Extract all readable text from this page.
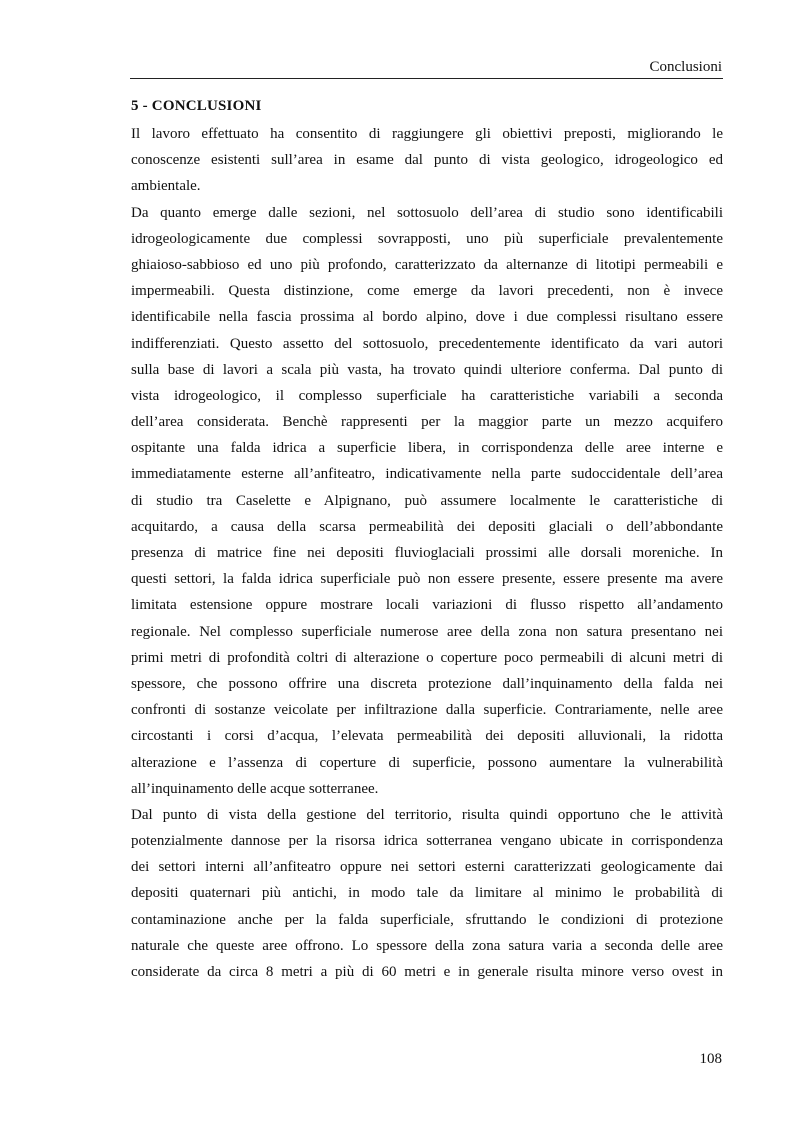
Conclusioni
5 - CONCLUSIONI
Il lavoro effettuato ha consentito di raggiungere gli obiettivi preposti, migliorando le
conoscenze esistenti sull’area in esame dal punto di vista geologico, idrogeologico ed
ambientale.
Da quanto emerge dalle sezioni, nel sottosuolo dell’area di studio sono identificabili
idrogeologicamente due complessi sovrapposti, uno più superficiale prevalentemente
ghiaioso-sabbioso ed uno più profondo, caratterizzato da alternanze di litotipi permeabili e
impermeabili. Questa distinzione, come emerge da lavori precedenti, non è invece
identificabile nella fascia prossima al bordo alpino, dove i due complessi risultano essere
indifferenziati. Questo assetto del sottosuolo, precedentemente identificato da vari autori
sulla base di lavori a scala più vasta, ha trovato quindi ulteriore conferma. Dal punto di
vista idrogeologico, il complesso superficiale ha caratteristiche variabili a seconda
dell’area considerata. Benchè rappresenti per la maggior parte un mezzo acquifero
ospitante una falda idrica a superficie libera, in corrispondenza delle aree interne e
immediatamente esterne all’anfiteatro, indicativamente nella parte sudoccidentale dell’area
di studio tra Caselette e Alpignano, può assumere localmente le caratteristiche di
acquitardo, a causa della scarsa permeabilità dei depositi glaciali o dell’abbondante
presenza di matrice fine nei depositi fluvioglaciali prossimi alle dorsali moreniche. In
questi settori, la falda idrica superficiale può non essere presente, essere presente ma avere
limitata estensione oppure mostrare locali variazioni di flusso rispetto all’andamento
regionale. Nel complesso superficiale numerose aree della zona non satura presentano nei
primi metri di profondità coltri di alterazione o coperture poco permeabili di alcuni metri di
spessore, che possono offrire una discreta protezione dall’inquinamento della falda nei
confronti di sostanze veicolate per infiltrazione dalla superficie. Contrariamente, nelle aree
circostanti i corsi d’acqua, l’elevata permeabilità dei depositi alluvionali, la ridotta
alterazione e l’assenza di coperture di superficie, possono aumentare la vulnerabilità
all’inquinamento delle acque sotterranee.
Dal punto di vista della gestione del territorio, risulta quindi opportuno che le attività
potenzialmente dannose per la risorsa idrica sotterranea vengano ubicate in corrispondenza
dei settori interni all’anfiteatro oppure nei settori esterni caratterizzati geologicamente dai
depositi quaternari più antichi, in modo tale da limitare al minimo le probabilità di
contaminazione anche per la falda superficiale, sfruttando le condizioni di protezione
naturale che queste aree offrono. Lo spessore della zona satura varia a seconda delle aree
considerate da circa 8 metri a più di 60 metri e in generale risulta minore verso ovest in
108
